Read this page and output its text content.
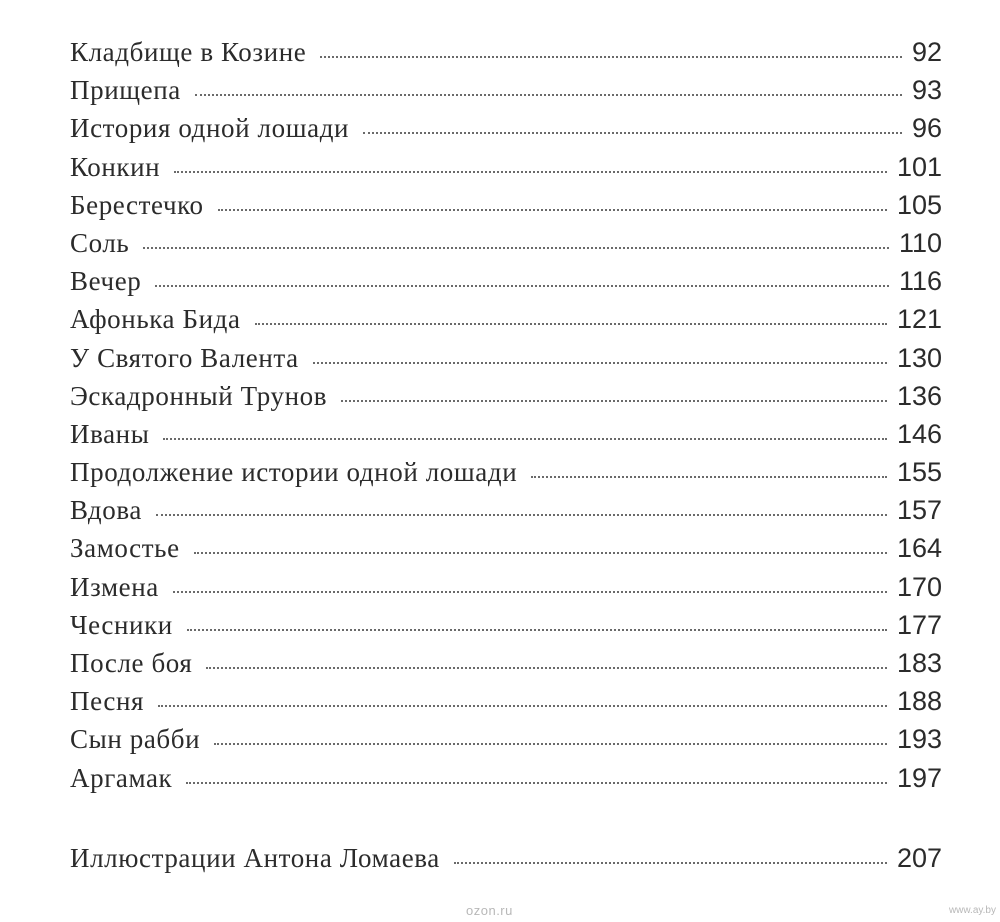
Кладбище в Козине	92
Прищепа	93
История одной лошади	96
Конкин	101
Берестечко	105
Соль	110
Вечер	116
Афонька Бида	121
У Святого Валента	130
Эскадронный Трунов	136
Иваны	146
Продолжение истории одной лошади	155
Вдова	157
Замостье	164
Измена	170
Чесники	177
После боя	183
Песня	188
Сын рабби	193
Аргамак	197
Иллюстрации Антона Ломаева	207
ozon.ru	www.ay.by
